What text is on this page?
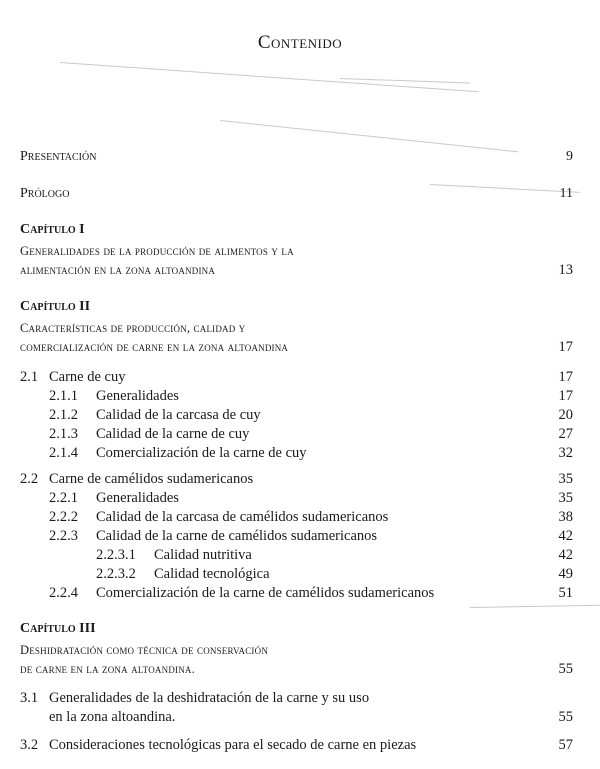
Contenido
Presentación	9
Prólogo	11
Capítulo I
Generalidades de la producción de alimentos y la
alimentación en la zona altoandina	13
Capítulo II
Características de producción, calidad y
comercialización de carne en la zona altoandina	17
2.1 Carne de cuy	17
2.1.1 Generalidades	17
2.1.2 Calidad de la carcasa de cuy	20
2.1.3 Calidad de la carne de cuy	27
2.1.4 Comercialización de la carne de cuy	32
2.2 Carne de camélidos sudamericanos	35
2.2.1 Generalidades	35
2.2.2 Calidad de la carcasa de camélidos sudamericanos	38
2.2.3 Calidad de la carne de camélidos sudamericanos	42
2.2.3.1 Calidad nutritiva	42
2.2.3.2 Calidad tecnológica	49
2.2.4 Comercialización de la carne de camélidos sudamericanos	51
Capítulo III
Deshidratación como técnica de conservación
de carne en la zona altoandina.	55
3.1 Generalidades de la deshidratación de la carne y su uso
en la zona altoandina.	55
3.2 Consideraciones tecnológicas para el secado de carne en piezas	57
